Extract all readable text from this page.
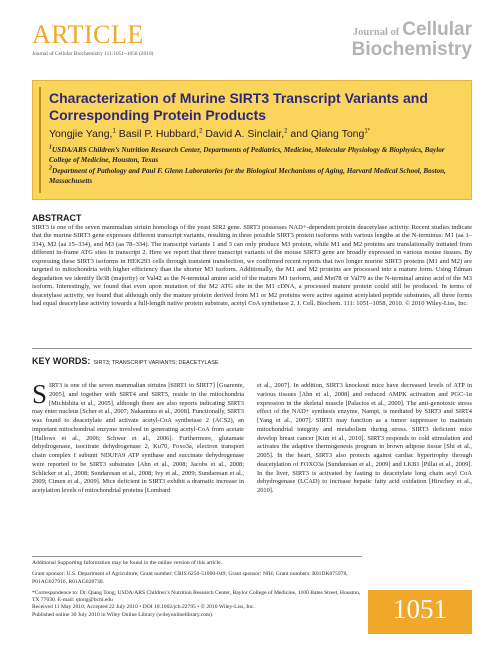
ARTICLE
Journal of Cellular Biochemistry 111:1051–1058 (2010)
Journal of Cellular
Biochemistry
Characterization of Murine SIRT3 Transcript Variants and Corresponding Protein Products
Yongjie Yang,$^1$ Basil P. Hubbard,$^2$ David A. Sinclair,$^2$ and Qiang Tong$^{1*}$
$^1$USDA/ARS Children’s Nutrition Research Center, Departments of Pediatrics, Medicine, Molecular Physiology & Biophysics, Baylor College of Medicine, Houston, Texas
$^2$Department of Pathology and Paul F. Glenn Laboratories for the Biological Mechanisms of Aging, Harvard Medical School, Boston, Massachusetts
ABSTRACT
SIRT3 is one of the seven mammalian sirtuin homologs of the yeast SIR2 gene. SIRT3 possesses NAD+-dependent protein deacetylase activity. Recent studies indicate that the murine SIRT3 gene expresses different transcript variants, resulting in three possible SIRT3 protein isoforms with various lengths at the N-terminus: M1 (aa 1–334), M2 (aa 15–334), and M3 (aa 78–334). The transcript variants 1 and 3 can only produce M3 protein, while M1 and M2 proteins are translationally initiated from different in-frame ATG sites in transcript 2. Here we report that three transcript variants of the mouse SIRT3 gene are broadly expressed in various mouse tissues. By expressing these SIRT3 isoforms in HEK293 cells through transient transfection, we confirmed recent reports that two longer murine SIRT3 proteins (M1 and M2) are targeted to mitochondria with higher efficiency than the shorter M3 isoform. Additionally, the M1 and M2 proteins are processed into a mature form. Using Edman degradation we identify Ile38 (majority) or Val42 as the N-terminal amino acid of the mature M1 isoform, and Met78 or Val79 as the N-terminal amino acid of the M3 isoform. Interestingly, we found that even upon mutation of the M2 ATG site in the M1 cDNA, a processed mature protein could still be produced. In terms of deacetylase activity, we found that although only the mature protein derived from M1 or M2 proteins were active against acetylated peptide substrates, all three forms had equal deacetylase activity towards a full-length native protein substrate, acetyl CoA synthetase 2. J. Cell. Biochem. 111: 1051–1058, 2010. © 2010 Wiley-Liss, Inc.
KEY WORDS: SIRT3; TRANSCRIPT VARIANTS; DEACETYLASE
SIRT3 is one of the seven mammalian sirtuins [SIRT1 to SIRT7] [Guarente, 2005], and together with SIRT4 and SIRT5, reside in the mitochondria [Michishita et al., 2005], although there are also reports indicating SIRT3 may enter nucleus [Scher et al., 2007; Nakamura et al., 2008]. Functionally, SIRT3 was found to deacetylate and activate acetyl-CoA synthetase 2 (ACS2), an important mitochondrial enzyme involved in generating acetyl-CoA from acetate [Hallows et al., 2006; Schwer et al., 2006]. Furthermore, glutamate dehydrogenase, isocitrate dehydrogenase 2, Ku70, Foxo3a, electron transport chain complex I subunit NDUFA9 ATP synthase and succinate dehydrogenase were reported to be SIRT3 substrates [Ahn et al., 2008; Jacobs et al., 2008; Schlicker et al., 2008; Sundaresan et al., 2008; Ivy et al., 2009; Sundaresan et al., 2009; Cimen et al., 2009]. Mice deficient in SIRT3 exhibit a dramatic increase in acetylation levels of mitochondrial proteins [Lombard
et al., 2007]. In addition, SIRT3 knockout mice have decreased levels of ATP in various tissues [Ahn et al., 2008] and reduced AMPK activation and PGC-1α expression in the skeletal muscle [Palacios et al., 2009]. The anti-genotoxic stress effect of the NAD+ synthesis enzyme, Nampt, is mediated by SIRT3 and SIRT4 [Yang et al., 2007]. SIRT3 may function as a tumor suppressor to maintain mitochondrial integrity and metabolism during stress. SIRT3 deficient mice develop breast cancer [Kim et al., 2010]. SIRT3 responds to cold stimulation and activates the adaptive thermogenesis program in brown adipose tissue [Shi et al., 2005]. In the heart, SIRT3 also protects against cardiac hypertrophy through deacetylation of FOXO3a [Sundaresan et al., 2009] and LKB1 [Pillai et al., 2009]. In the liver, SIRT3 is activated by fasting to deacetylate long chain acyl CoA dehydrogenase (LCAD) to increase hepatic fatty acid oxidation [Hirschey et al., 2010].
Additional Supporting Information may be found in the online version of this article.
Grant sponsor: U.S. Department of Agriculture; Grant number: CRIS 6250-51000-049; Grant sponsor: NIH; Grant numbers: R01DK075978, P01AG027916, R01AG028730.
*Correspondence to: Dr. Qiang Tong, USDA/ARS Children’s Nutrition Research Center, Baylor College of Medicine, 1100 Bates Street, Houston, TX 77030. E-mail: qtong@bcm.edu
Received 11 May 2010; Accepted 22 July 2010 • DOI 10.1002/jcb.22795 • © 2010 Wiley-Liss, Inc.
Published online 30 July 2010 in Wiley Online Library (wileyonlinelibrary.com).	1051
